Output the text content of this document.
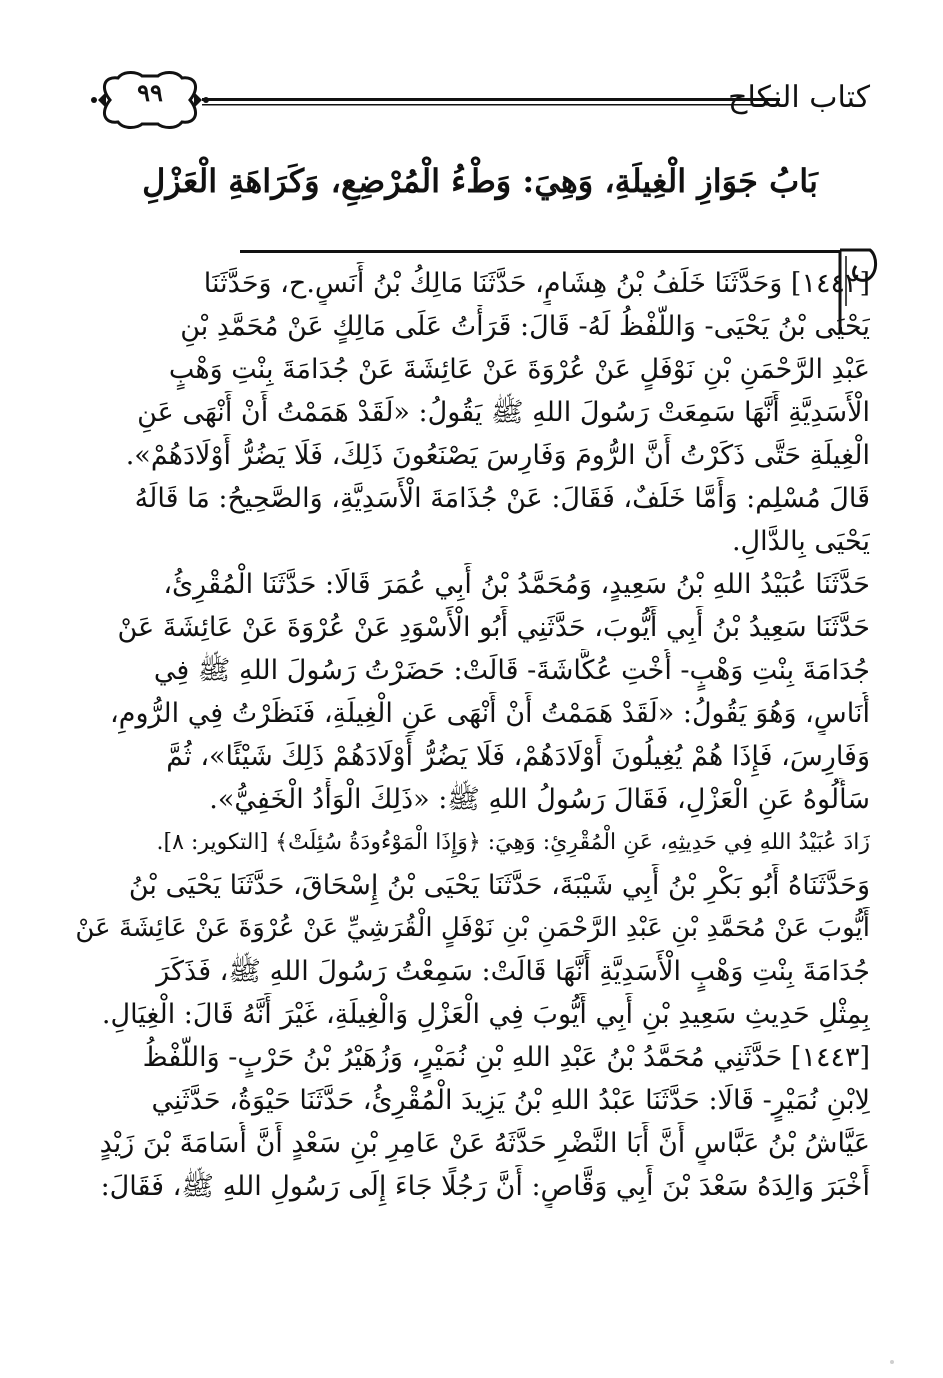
٩٩	كتاب النكاح
بَابُ جَوَازِ الْغِيلَةِ، وَهِيَ: وَطْءُ الْمُرْضِعِ، وَكَرَاهَةِ الْعَزْلِ
[١٤٤٢] وَحَدَّثَنَا خَلَفُ بْنُ هِشَامٍ، حَدَّثَنَا مَالِكُ بْنُ أَنَسٍ.ح، وَحَدَّثَنَا
يَحْيَى بْنُ يَحْيَى- وَاللَّفْظُ لَهُ- قَالَ: قَرَأْتُ عَلَى مَالِكٍ عَنْ مُحَمَّدِ بْنِ
عَبْدِ الرَّحْمَنِ بْنِ نَوْفَلٍ عَنْ عُرْوَةَ عَنْ عَائِشَةَ عَنْ جُدَامَةَ بِنْتِ وَهْبٍ
الْأَسَدِيَّةِ أَنَّهَا سَمِعَتْ رَسُولَ اللهِ ﷺ يَقُولُ: «لَقَدْ هَمَمْتُ أَنْ أَنْهَى عَنِ
الْغِيلَةِ حَتَّى ذَكَرْتُ أَنَّ الرُّومَ وَفَارِسَ يَصْنَعُونَ ذَلِكَ، فَلَا يَضُرُّ أَوْلَادَهُمْ».
قَالَ مُسْلِم: وَأَمَّا خَلَفٌ، فَقَالَ: عَنْ جُذَامَةَ الْأَسَدِيَّةِ، وَالصَّحِيحُ: مَا قَالَهُ
يَحْيَى بِالدَّالِ.
حَدَّثَنَا عُبَيْدُ اللهِ بْنُ سَعِيدٍ، وَمُحَمَّدُ بْنُ أَبِي عُمَرَ قَالَا: حَدَّثَنَا الْمُقْرِئُ،
حَدَّثَنَا سَعِيدُ بْنُ أَبِي أَيُّوبَ، حَدَّثَنِي أَبُو الْأَسْوَدِ عَنْ عُرْوَةَ عَنْ عَائِشَةَ عَنْ
جُدَامَةَ بِنْتِ وَهْبٍ- أُخْتِ عُكَّاشَةَ- قَالَتْ: حَضَرْتُ رَسُولَ اللهِ ﷺ فِي
أُنَاسٍ، وَهُوَ يَقُولُ: «لَقَدْ هَمَمْتُ أَنْ أَنْهَى عَنِ الْغِيلَةِ، فَنَظَرْتُ فِي الرُّومِ،
وَفَارِسَ، فَإِذَا هُمْ يُغِيلُونَ أَوْلَادَهُمْ، فَلَا يَضُرُّ أَوْلَادَهُمْ ذَلِكَ شَيْئًا»، ثُمَّ
سَأَلُوهُ عَنِ الْعَزْلِ، فَقَالَ رَسُولُ اللهِ ﷺ: «ذَلِكَ الْوَأْدُ الْخَفِيُّ».
زَادَ عُبَيْدُ اللهِ فِي حَدِيثِهِ، عَنِ الْمُقْرِئِ: وَهِيَ: ﴿وَإِذَا الْمَوْءُودَةُ سُئِلَتْ﴾ [التكوير: ٨].
وَحَدَّثَنَاهُ أَبُو بَكْرِ بْنُ أَبِي شَيْبَةَ، حَدَّثَنَا يَحْيَى بْنُ إِسْحَاقَ، حَدَّثَنَا يَحْيَى بْنُ
أَيُّوبَ عَنْ مُحَمَّدِ بْنِ عَبْدِ الرَّحْمَنِ بْنِ نَوْفَلٍ الْقُرَشِيِّ عَنْ عُرْوَةَ عَنْ عَائِشَةَ عَنْ
جُدَامَةَ بِنْتِ وَهْبٍ الْأَسَدِيَّةِ أَنَّهَا قَالَتْ: سَمِعْتُ رَسُولَ اللهِ ﷺ، فَذَكَرَ
بِمِثْلِ حَدِيثِ سَعِيدِ بْنِ أَبِي أَيُّوبَ فِي الْعَزْلِ وَالْغِيلَةِ، غَيْرَ أَنَّهُ قَالَ: الْغِيَالِ.
[١٤٤٣] حَدَّثَنِي مُحَمَّدُ بْنُ عَبْدِ اللهِ بْنِ نُمَيْرٍ، وَزُهَيْرُ بْنُ حَرْبٍ- وَاللَّفْظُ
لِابْنِ نُمَيْرٍ- قَالَا: حَدَّثَنَا عَبْدُ اللهِ بْنُ يَزِيدَ الْمُقْرِئُ، حَدَّثَنَا حَيْوَةُ، حَدَّثَنِي
عَيَّاشُ بْنُ عَبَّاسٍ أَنَّ أَبَا النَّضْرِ حَدَّثَهُ عَنْ عَامِرِ بْنِ سَعْدٍ أَنَّ أُسَامَةَ بْنَ زَيْدٍ
أَخْبَرَ وَالِدَهُ سَعْدَ بْنَ أَبِي وَقَّاصٍ: أَنَّ رَجُلًا جَاءَ إِلَى رَسُولِ اللهِ ﷺ، فَقَالَ:
